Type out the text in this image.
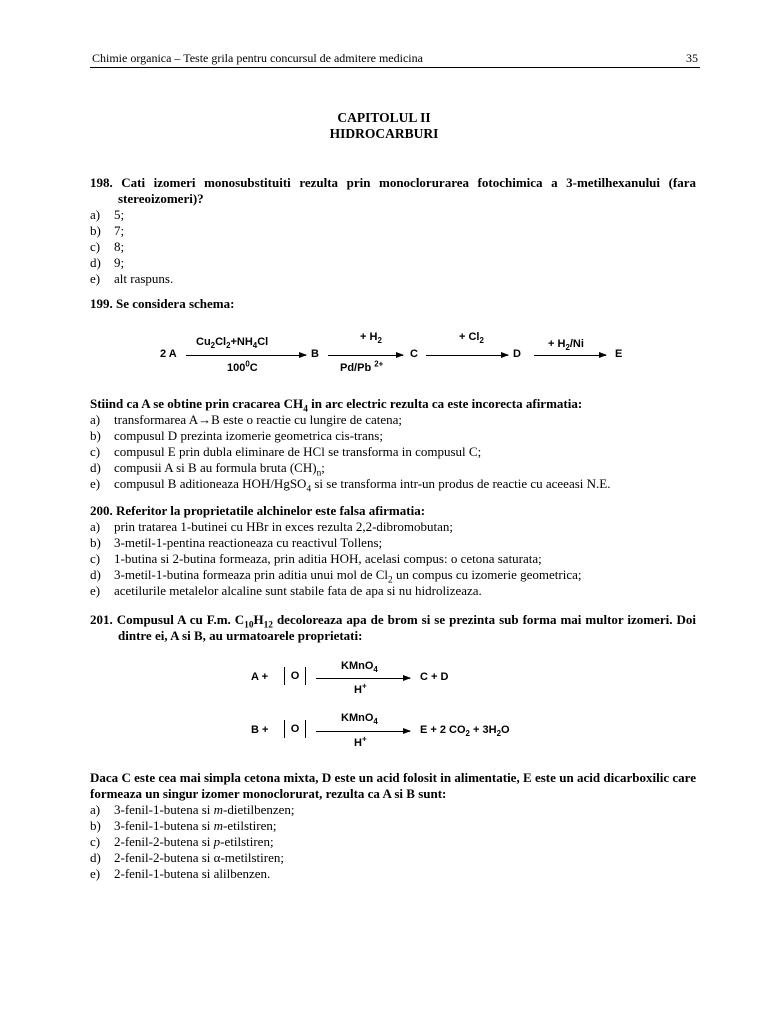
Chimie organica – Teste grila pentru concursul de admitere medicina	35
CAPITOLUL II
HIDROCARBURI
198. Cati izomeri monosubstituiti rezulta prin monoclorurarea fotochimica a 3-metilhexanului (fara stereoizomeri)?
a) 5;
b) 7;
c) 8;
d) 9;
e) alt raspuns.
199. Se considera schema:
2 A
$Cu_2Cl_2+NH_4Cl$
$100^0C$
B
+ $H_2$
Pd/Pb $^{2+}$
C
+ $Cl_2$
D
+ $H_2/Ni$
E
Stiind ca A se obtine prin cracarea $CH_4$ in arc electric rezulta ca este incorecta afirmatia:
a) transformarea A→B este o reactie cu lungire de catena;
b) compusul D prezinta izomerie geometrica cis-trans;
c) compusul E prin dubla eliminare de HCl se transforma in compusul C;
d) compusii A si B au formula bruta $(CH)_n$;
e) compusul B aditioneaza HOH/HgSO$_4$ si se transforma intr-un produs de reactie cu aceeasi N.E.
200. Referitor la proprietatile alchinelor este falsa afirmatia:
a) prin tratarea 1-butinei cu HBr in exces rezulta 2,2-dibromobutan;
b) 3-metil-1-pentina reactioneaza cu reactivul Tollens;
c) 1-butina si 2-butina formeaza, prin aditia HOH, acelasi compus: o cetona saturata;
d) 3-metil-1-butina formeaza prin aditia unui mol de $Cl_2$ un compus cu izomerie geometrica;
e) acetilurile metalelor alcaline sunt stabile fata de apa si nu hidrolizeaza.
201. Compusul A cu F.m. $C_{10}H_{12}$ decoloreaza apa de brom si se prezinta sub forma mai multor izomeri. Doi dintre ei, A si B, au urmatoarele proprietati:
A +	O
KMnO$_4$
H+
C + D
B +	O
KMnO$_4$
H+
E + 2 $CO_2 + 3H_2O$
Daca C este cea mai simpla cetona mixta, D este un acid folosit in alimentatie, E este un acid dicarboxilic care formeaza un singur izomer monoclorurat, rezulta ca A si B sunt:
a) 3-fenil-1-butena si m-dietilbenzen;
b) 3-fenil-1-butena si m-etilstiren;
c) 2-fenil-2-butena si p-etilstiren;
d) 2-fenil-2-butena si α-metilstiren;
e) 2-fenil-1-butena si alilbenzen.
